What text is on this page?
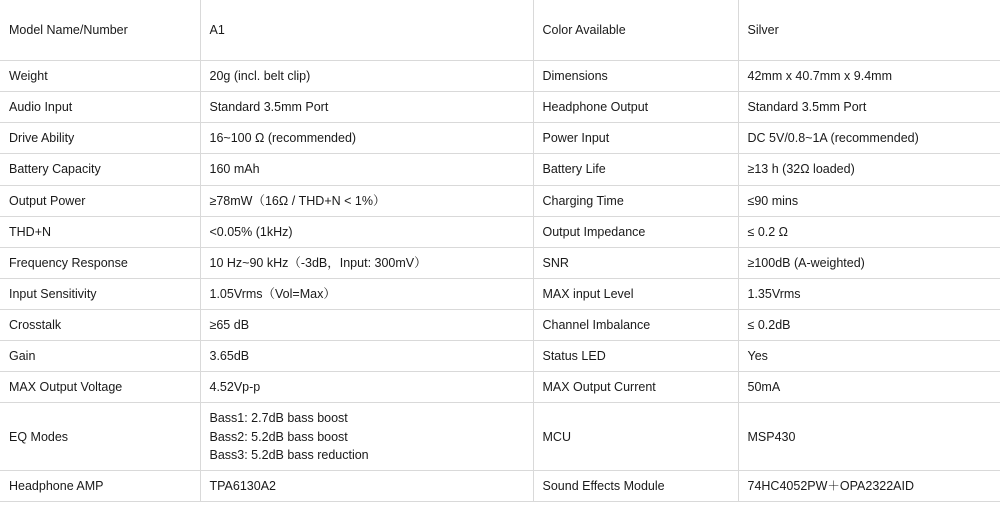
Model Name/Number	A1	Color Available	Silver
Weight	20g (incl. belt clip)	Dimensions	42mm x 40.7mm x 9.4mm
Audio Input	Standard 3.5mm Port	Headphone Output	Standard 3.5mm Port
Drive Ability	16~100 Ω (recommended)	Power Input	DC 5V/0.8~1A (recommended)
Battery Capacity	160 mAh	Battery Life	≥13 h (32Ω loaded)
Output Power	≥78mW（16Ω / THD+N < 1%）	Charging Time	≤90 mins
THD+N	<0.05% (1kHz)	Output Impedance	≤ 0.2 Ω
Frequency Response	10 Hz~90 kHz（-3dB，Input: 300mV）	SNR	≥100dB (A-weighted)
Input Sensitivity	1.05Vrms（Vol=Max）	MAX input Level	1.35Vrms
Crosstalk	≥65 dB	Channel Imbalance	≤ 0.2dB
Gain	3.65dB	Status LED	Yes
MAX Output Voltage	4.52Vp-p	MAX Output Current	50mA
EQ Modes	Bass1: 2.7dB bass boost
Bass2: 5.2dB bass boost
Bass3: 5.2dB bass reduction	MCU	MSP430
Headphone AMP	TPA6130A2	Sound Effects Module	74HC4052PW＋OPA2322AID
